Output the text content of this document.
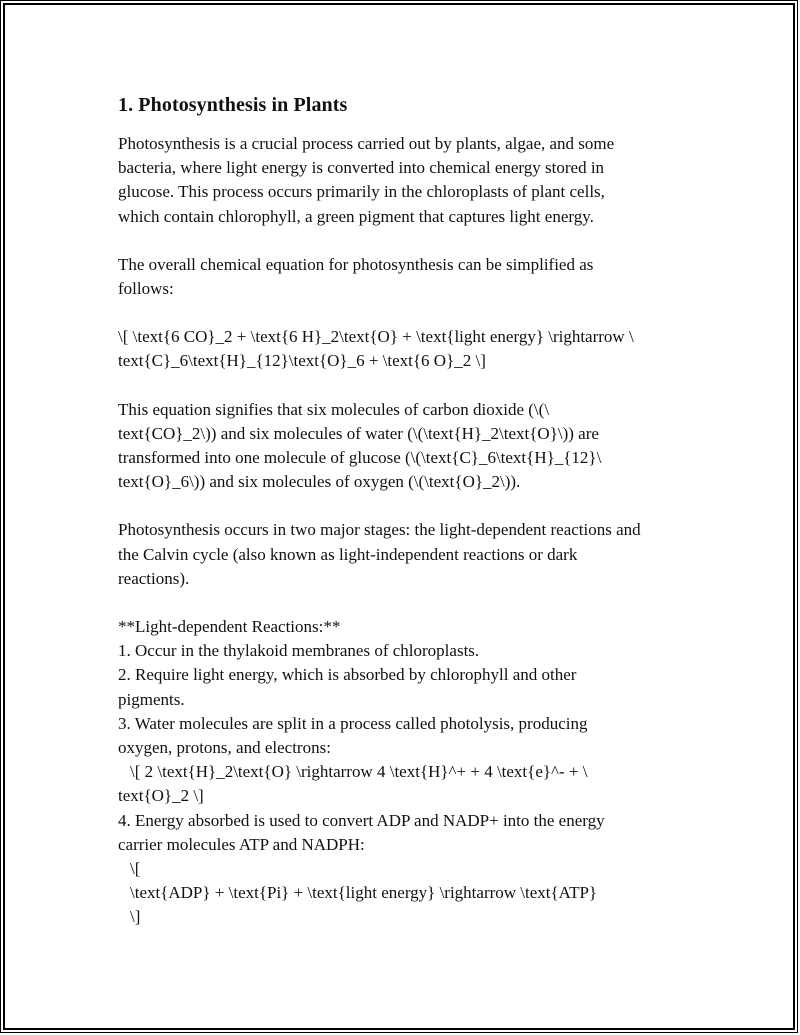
1. Photosynthesis in Plants
Photosynthesis is a crucial process carried out by plants, algae, and some
bacteria, where light energy is converted into chemical energy stored in
glucose. This process occurs primarily in the chloroplasts of plant cells,
which contain chlorophyll, a green pigment that captures light energy.
The overall chemical equation for photosynthesis can be simplified as
follows:
\[ \text{6 CO}_2 + \text{6 H}_2\text{O} + \text{light energy} \rightarrow \
text{C}_6\text{H}_{12}\text{O}_6 + \text{6 O}_2 \]
This equation signifies that six molecules of carbon dioxide (\(\
text{CO}_2\)) and six molecules of water (\(\text{H}_2\text{O}\)) are
transformed into one molecule of glucose (\(\text{C}_6\text{H}_{12}\
text{O}_6\)) and six molecules of oxygen (\(\text{O}_2\)).
Photosynthesis occurs in two major stages: the light-dependent reactions and
the Calvin cycle (also known as light-independent reactions or dark
reactions).
**Light-dependent Reactions:**
1. Occur in the thylakoid membranes of chloroplasts.
2. Require light energy, which is absorbed by chlorophyll and other
pigments.
3. Water molecules are split in a process called photolysis, producing
oxygen, protons, and electrons:
\[ 2 \text{H}_2\text{O} \rightarrow 4 \text{H}^+ + 4 \text{e}^- + \
text{O}_2 \]
4. Energy absorbed is used to convert ADP and NADP+ into the energy
carrier molecules ATP and NADPH:
\[
\text{ADP} + \text{Pi} + \text{light energy} \rightarrow \text{ATP}
\]
